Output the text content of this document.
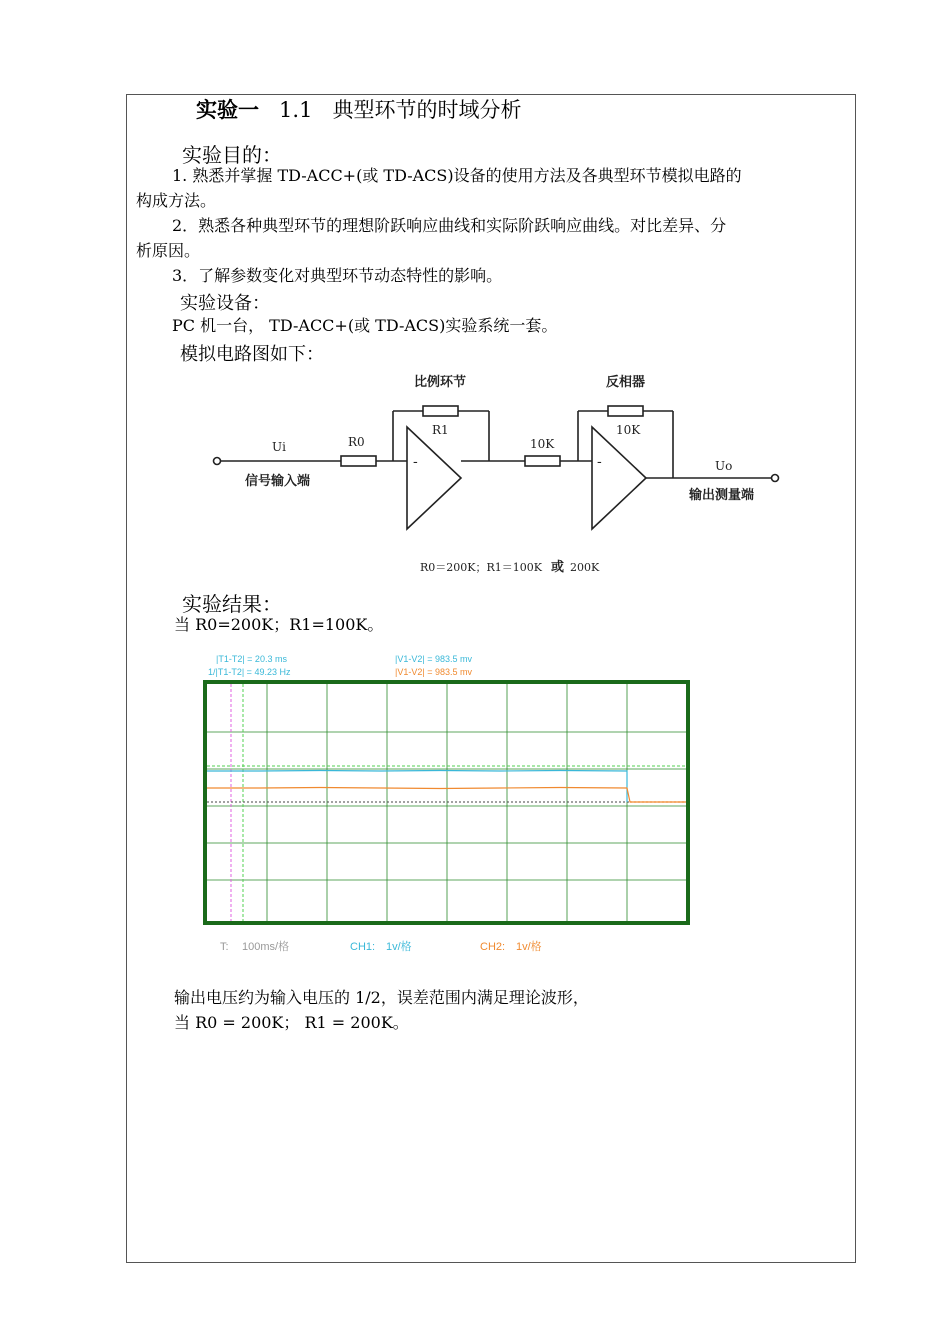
实验一 1.1 典型环节的时域分析
实验目的：
1. 熟悉并掌握 TD-ACC+(或 TD-ACS)设备的使用方法及各典型环节模拟电路的
构成方法。
2．熟悉各种典型环节的理想阶跃响应曲线和实际阶跃响应曲线。对比差异、分
析原因。
3．了解参数变化对典型环节动态特性的影响。
实验设备：
PC 机一台， TD-ACC+(或 TD-ACS)实验系统一套。
模拟电路图如下：
比例环节	反相器
R1
R0	10K
10K
Ui
Uo
信号输入端
输出测量端
-	-
R0＝200K；R1＝100K 或 200K
实验结果：
当 R0=200K；R1=100K。
|T1-T2| = 20.3 ms
1/|T1-T2| = 49.23 Hz
|V1-V2| = 983.5 mv
|V1-V2| = 983.5 mv
T: 100ms/格	CH1: 1v/格	CH2: 1v/格
输出电压约为输入电压的 1/2，误差范围内满足理论波形，
当 R0 = 200K； R1 = 200K。
